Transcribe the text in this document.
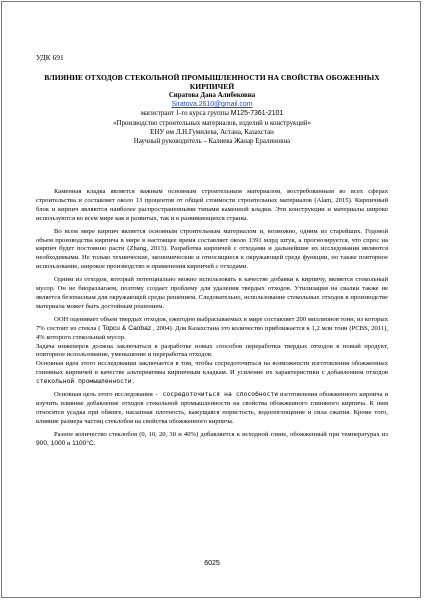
УДК 691
ВЛИЯНИЕ ОТХОДОВ СТЕКОЛЬНОЙ ПРОМЫШЛЕННОСТИ НА СВОЙСТВА ОБОЖЕННЫХ КИРПИЧЕЙ
Сиратова Дана Алибековна
Siratova.2610@gmail.com
магистрант 1-го курса группы М125-7361-2101
«Производство строительных материалов, изделий и конструкций»
ЕНУ им Л.Н.Гумилева, Астана, Казахстан
Научный руководитель – Калиева Жанар Ералиновна

Каменная кладка является важным основным строительным материалом, востребованным во всех сферах строительства и составляет около 13 процентов от общей стоимости строительных материалов (Alam, 2015). Кирпичный блок и кирпич являются наиболее распространенными типами каменной кладки. Эти конструкции и материалы широко используются во всем мире как в развитых, так и в развивающихся страны.

Во всем мире кирпич является основным строительным материалом и, возможно, одним из старейших. Годовой объем производства кирпича в мире в настоящее время составляет около 1391 млрд штук, а прогнозируется, что спрос на кирпич будет постоянно расти (Zhang, 2013). Разработка кирпичей с отходами и дальнейшие их исследования являются необходимыми. Не только технические, экономические и относящиеся к окружающей среде функции, но также повторное использование, широкое производство и применения кирпичей с отходами.

Одним из отходов, который потенциально можно использовать в качестве добавки к кирпичу, является стекольный мусор. Он не биоразлагаем, поэтому создает проблему для удаления твердых отходов. Утилизация на свалки также не является безопасным для окружающей среды решением. Следовательно, использование стекольных отходов в производстве материала может быть достойным решением.

ООН оценивает объем твердых отходов, ежегодно выбрасываемых в мире составляет 200 миллионов тонн, из которых 7% состоит из стекла ( Topcu & Canbaz , 2004). Для Казахстана это количество приближается к 1,2 млн тонн (PCBS, 2011), 4% которого стекольный мусор.

Задача инженеров должна заключаться в разработке новых способов переработки твердых отходов в новый продукт, повторное использование, уменьшение и переработка отходов.

Основная идея этого исследования заключается в том, чтобы сосредоточиться на возможности изготовления обожженных глиняных кирпичей в качестве альтернативы кирпичным кладкам. И усиление их характеристики с добавлением отходов стекольной промышленности.

Основная цель этого исследования - сосредоточиться на способности изготовления обожженного кирпича и изучить влияние добавление отходов стекольной промышленности на свойства обожженного глиняного кирпича. К ним относятся усадка при обжиге, насыпная плотность, кажущаяся пористость, водопоглощение и сила сжатия. Кроме того, влияние размера частиц стеклобоя на свойства обожженного кирпича.

Разное количество стеклобоя (0, 10, 20, 30 и 40%) добавляется к исходной глине, обожженный при температурах из 900, 1000 и 1100°C.

6025
